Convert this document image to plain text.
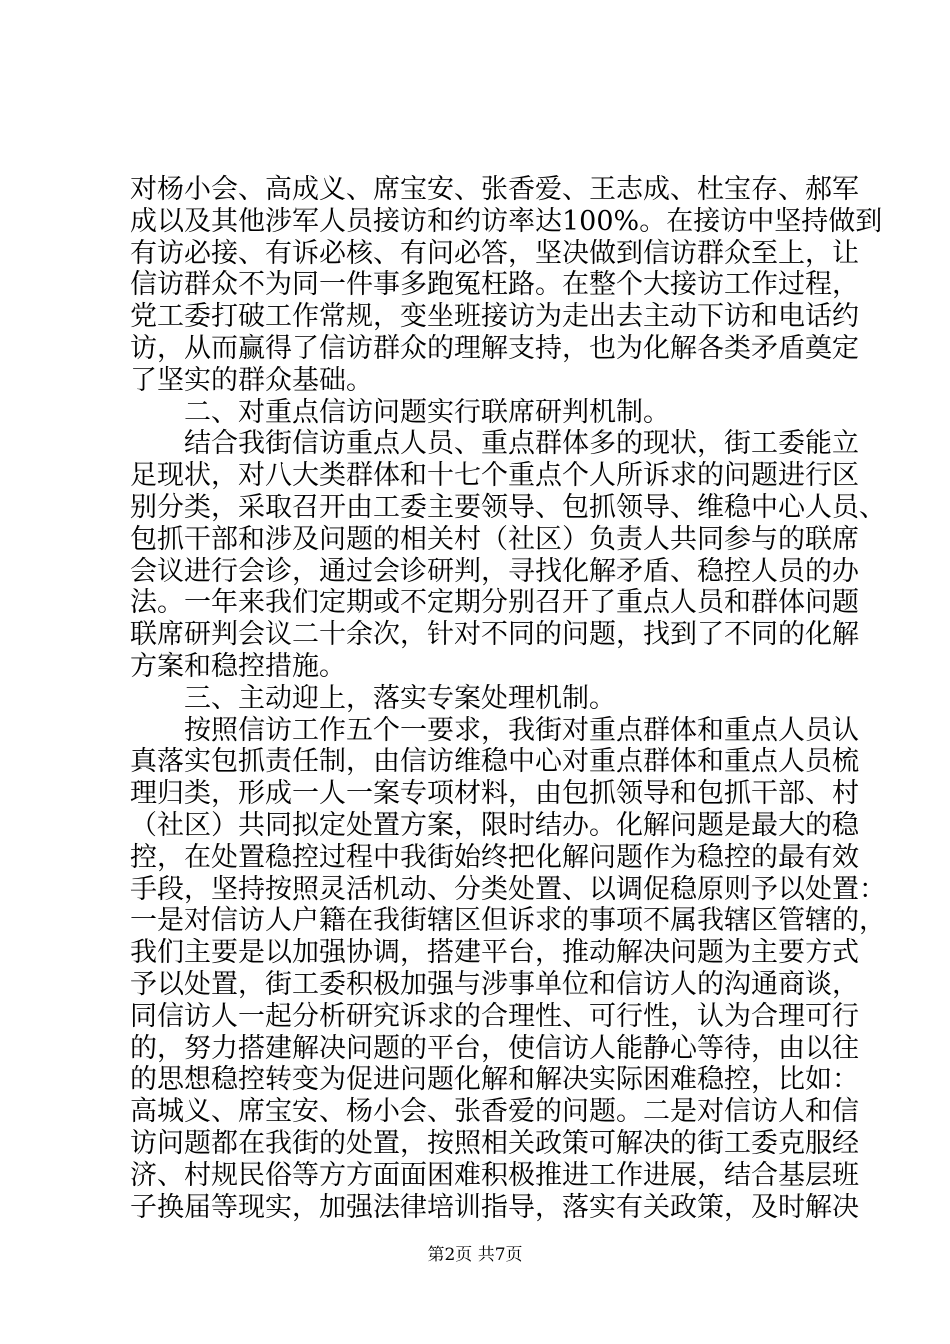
对杨小会、高成义、席宝安、张香爱、王志成、杜宝存、郝军
成以及其他涉军人员接访和约访率达100%。在接访中坚持做到
有访必接、有诉必核、有问必答，坚决做到信访群众至上，让
信访群众不为同一件事多跑冤枉路。在整个大接访工作过程，
党工委打破工作常规，变坐班接访为走出去主动下访和电话约
访，从而赢得了信访群众的理解支持，也为化解各类矛盾奠定
了坚实的群众基础。
二、对重点信访问题实行联席研判机制。
结合我街信访重点人员、重点群体多的现状，街工委能立
足现状，对八大类群体和十七个重点个人所诉求的问题进行区
别分类，采取召开由工委主要领导、包抓领导、维稳中心人员、
包抓干部和涉及问题的相关村（社区）负责人共同参与的联席
会议进行会诊，通过会诊研判，寻找化解矛盾、稳控人员的办
法。一年来我们定期或不定期分别召开了重点人员和群体问题
联席研判会议二十余次，针对不同的问题，找到了不同的化解
方案和稳控措施。
三、主动迎上，落实专案处理机制。
按照信访工作五个一要求，我街对重点群体和重点人员认
真落实包抓责任制，由信访维稳中心对重点群体和重点人员梳
理归类，形成一人一案专项材料，由包抓领导和包抓干部、村
（社区）共同拟定处置方案，限时结办。化解问题是最大的稳
控，在处置稳控过程中我街始终把化解问题作为稳控的最有效
手段，坚持按照灵活机动、分类处置、以调促稳原则予以处置：
一是对信访人户籍在我街辖区但诉求的事项不属我辖区管辖的，
我们主要是以加强协调，搭建平台，推动解决问题为主要方式
予以处置，街工委积极加强与涉事单位和信访人的沟通商谈，
同信访人一起分析研究诉求的合理性、可行性，认为合理可行
的，努力搭建解决问题的平台，使信访人能静心等待，由以往
的思想稳控转变为促进问题化解和解决实际困难稳控，比如：
高城义、席宝安、杨小会、张香爱的问题。二是对信访人和信
访问题都在我街的处置，按照相关政策可解决的街工委克服经
济、村规民俗等方方面面困难积极推进工作进展，结合基层班
子换届等现实，加强法律培训指导，落实有关政策，及时解决
第2页 共7页
